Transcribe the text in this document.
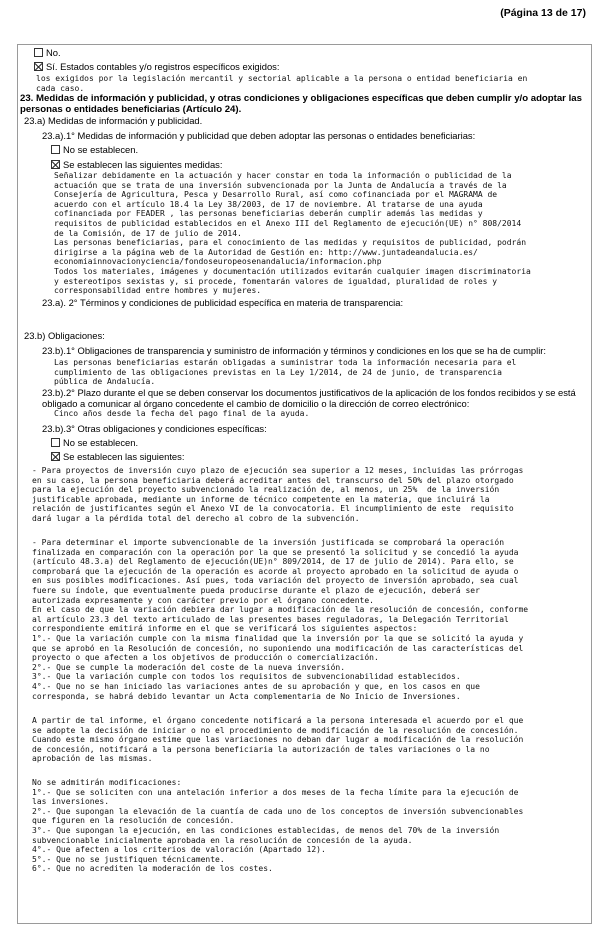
(Página 13 de 17)
No.
Sí. Estados contables y/o registros específicos exigidos:
los exigidos por la legislación mercantil y sectorial aplicable a la persona o entidad beneficiaria en
cada caso.
23. Medidas de información y publicidad, y otras condiciones y obligaciones específicas que deben cumplir y/o adoptar las
personas o entidades beneficiarias (Artículo 24).
23.a) Medidas de información y publicidad.
23.a).1° Medidas de información y publicidad que deben adoptar las personas o entidades beneficiarias:
No se establecen.
Se establecen las siguientes medidas:
Señalizar debidamente en la actuación y hacer constar en toda la información o publicidad de la
actuación que se trata de una inversión subvencionada por la Junta de Andalucía a través de la
Consejería de Agricultura, Pesca y Desarrollo Rural, así como cofinanciada por el MAGRAMA de
acuerdo con el artículo 18.4 la Ley 38/2003, de 17 de noviembre. Al tratarse de una ayuda
cofinanciada por FEADER , las personas beneficiarias deberán cumplir además las medidas y
requisitos de publicidad establecidos en el Anexo III del Reglamento de ejecución(UE) n° 808/2014
de la Comisión, de 17 de julio de 2014.
Las personas beneficiarias, para el conocimiento de las medidas y requisitos de publicidad, podrán
dirigirse a la página web de la Autoridad de Gestión en: http://www.juntadeandalucia.es/
economiainnovacionyciencia/fondoseuropeosenandalucia/informacion.php
Todos los materiales, imágenes y documentación utilizados evitarán cualquier imagen discriminatoria
y estereotipos sexistas y, si procede, fomentarán valores de igualdad, pluralidad de roles y
corresponsabilidad entre hombres y mujeres.
23.a). 2° Términos y condiciones de publicidad específica en materia de transparencia:
23.b) Obligaciones:
23.b).1° Obligaciones de transparencia y suministro de información y términos y condiciones en los que se ha de cumplir:
Las personas beneficiarias estarán obligadas a suministrar toda la información necesaria para el
cumplimiento de las obligaciones previstas en la Ley 1/2014, de 24 de junio, de transparencia
pública de Andalucía.
23.b).2° Plazo durante el que se deben conservar los documentos justificativos de la aplicación de los fondos recibidos y se está
obligado a comunicar al órgano concedente el cambio de domicilio o la dirección de correo electrónico:
Cinco años desde la fecha del pago final de la ayuda.
23.b).3° Otras obligaciones y condiciones específicas:
No se establecen.
Se establecen las siguientes:
- Para proyectos de inversión cuyo plazo de ejecución sea superior a 12 meses, incluidas las prórrogas
en su caso, la persona beneficiaria deberá acreditar antes del transcurso del 50% del plazo otorgado
para la ejecución del proyecto subvencionado la realización de, al menos, un 25%  de la inversión
justificable aprobada, mediante un informe de técnico competente en la materia, que incluirá la
relación de justificantes según el Anexo VI de la convocatoria. El incumplimiento de este  requisito
dará lugar a la pérdida total del derecho al cobro de la subvención.
- Para determinar el importe subvencionable de la inversión justificada se comprobará la operación
finalizada en comparación con la operación por la que se presentó la solicitud y se concedió la ayuda
(artículo 48.3.a) del Reglamento de ejecución(UE)n° 809/2014, de 17 de julio de 2014). Para ello, se
comprobará que la ejecución de la operación es acorde al proyecto aprobado en la solicitud de ayuda o
en sus posibles modificaciones. Así pues, toda variación del proyecto de inversión aprobado, sea cual
fuere su índole, que eventualmente pueda producirse durante el plazo de ejecución, deberá ser
autorizada expresamente y con carácter previo por el órgano concedente.
En el caso de que la variación debiera dar lugar a modificación de la resolución de concesión, conforme
al artículo 23.3 del texto articulado de las presentes bases reguladoras, la Delegación Territorial
correspondiente emitirá informe en el que se verificará los siguientes aspectos:
1°.- Que la variación cumple con la misma finalidad que la inversión por la que se solicitó la ayuda y
que se aprobó en la Resolución de concesión, no suponiendo una modificación de las características del
proyecto o que afecten a los objetivos de producción o comercialización.
2°.- Que se cumple la moderación del coste de la nueva inversión.
3°.- Que la variación cumple con todos los requisitos de subvencionabilidad establecidos.
4°.- Que no se han iniciado las variaciones antes de su aprobación y que, en los casos en que
corresponda, se habrá debido levantar un Acta complementaria de No Inicio de Inversiones.
A partir de tal informe, el órgano concedente notificará a la persona interesada el acuerdo por el que
se adopte la decisión de iniciar o no el procedimiento de modificación de la resolución de concesión.
Cuando este mismo órgano estime que las variaciones no deban dar lugar a modificación de la resolución
de concesión, notificará a la persona beneficiaria la autorización de tales variaciones o la no
aprobación de las mismas.
No se admitirán modificaciones:
1°.- Que se soliciten con una antelación inferior a dos meses de la fecha límite para la ejecución de
las inversiones.
2°.- Que supongan la elevación de la cuantía de cada uno de los conceptos de inversión subvencionables
que figuren en la resolución de concesión.
3°.- Que supongan la ejecución, en las condiciones establecidas, de menos del 70% de la inversión
subvencionable inicialmente aprobada en la resolución de concesión de la ayuda.
4°.- Que afecten a los criterios de valoración (Apartado 12).
5°.- Que no se justifiquen técnicamente.
6°.- Que no acrediten la moderación de los costes.
